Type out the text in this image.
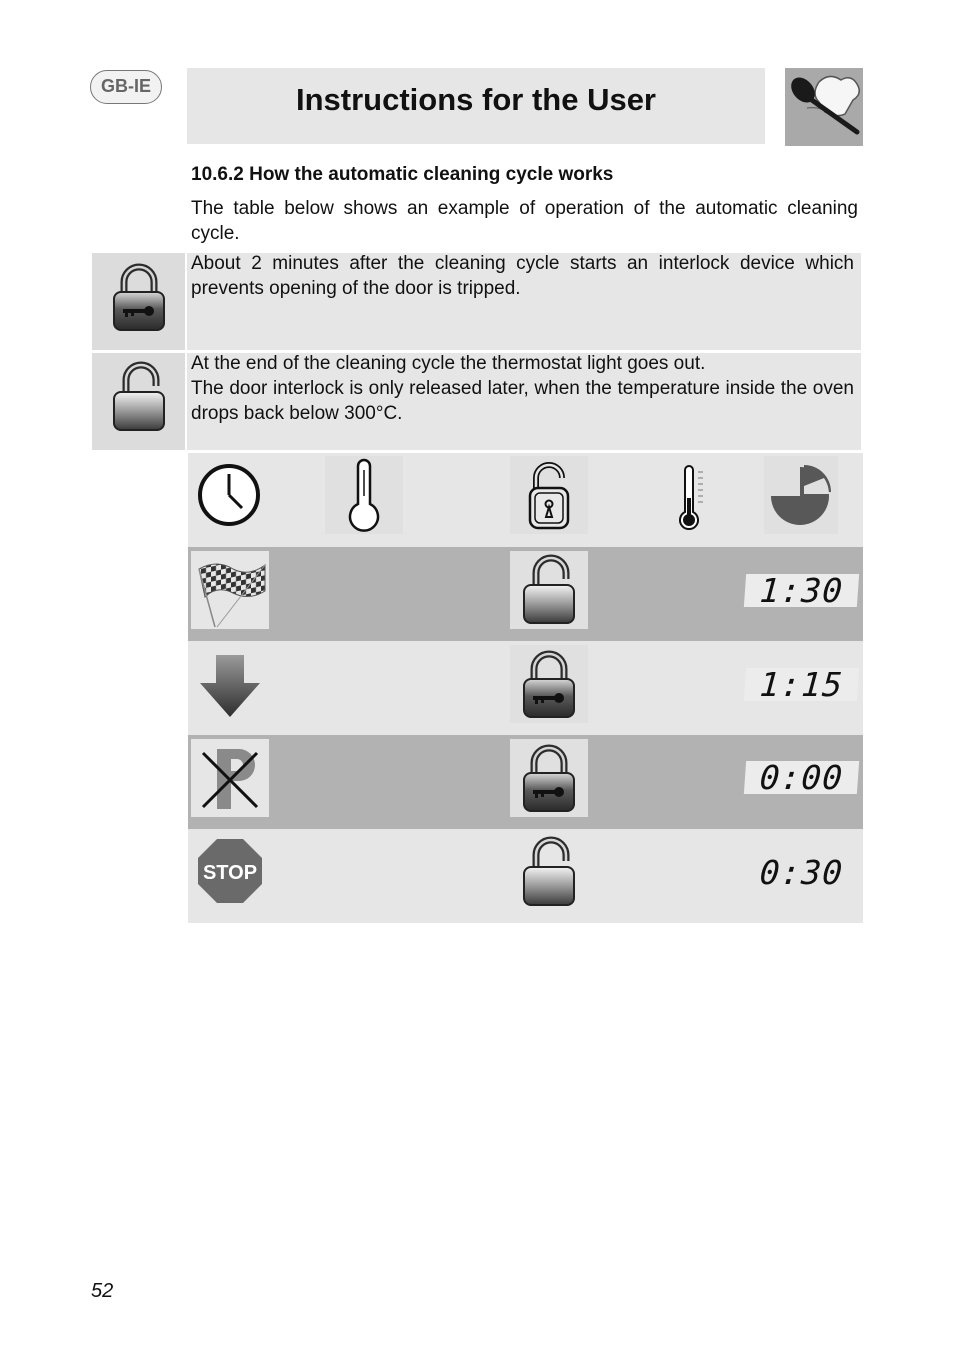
GB-IE	Instructions for the User
10.6.2 How the automatic cleaning cycle works
The table below shows an example of operation of the automatic cleaning cycle.
About 2 minutes after the cleaning cycle starts an interlock device which prevents opening of the door is tripped.
At the end of the cleaning cycle the thermostat light goes out.
The door interlock is only released later, when the temperature inside the oven drops back below 300°C.
1:30
1:15
0:00
STOP	0:30
52
